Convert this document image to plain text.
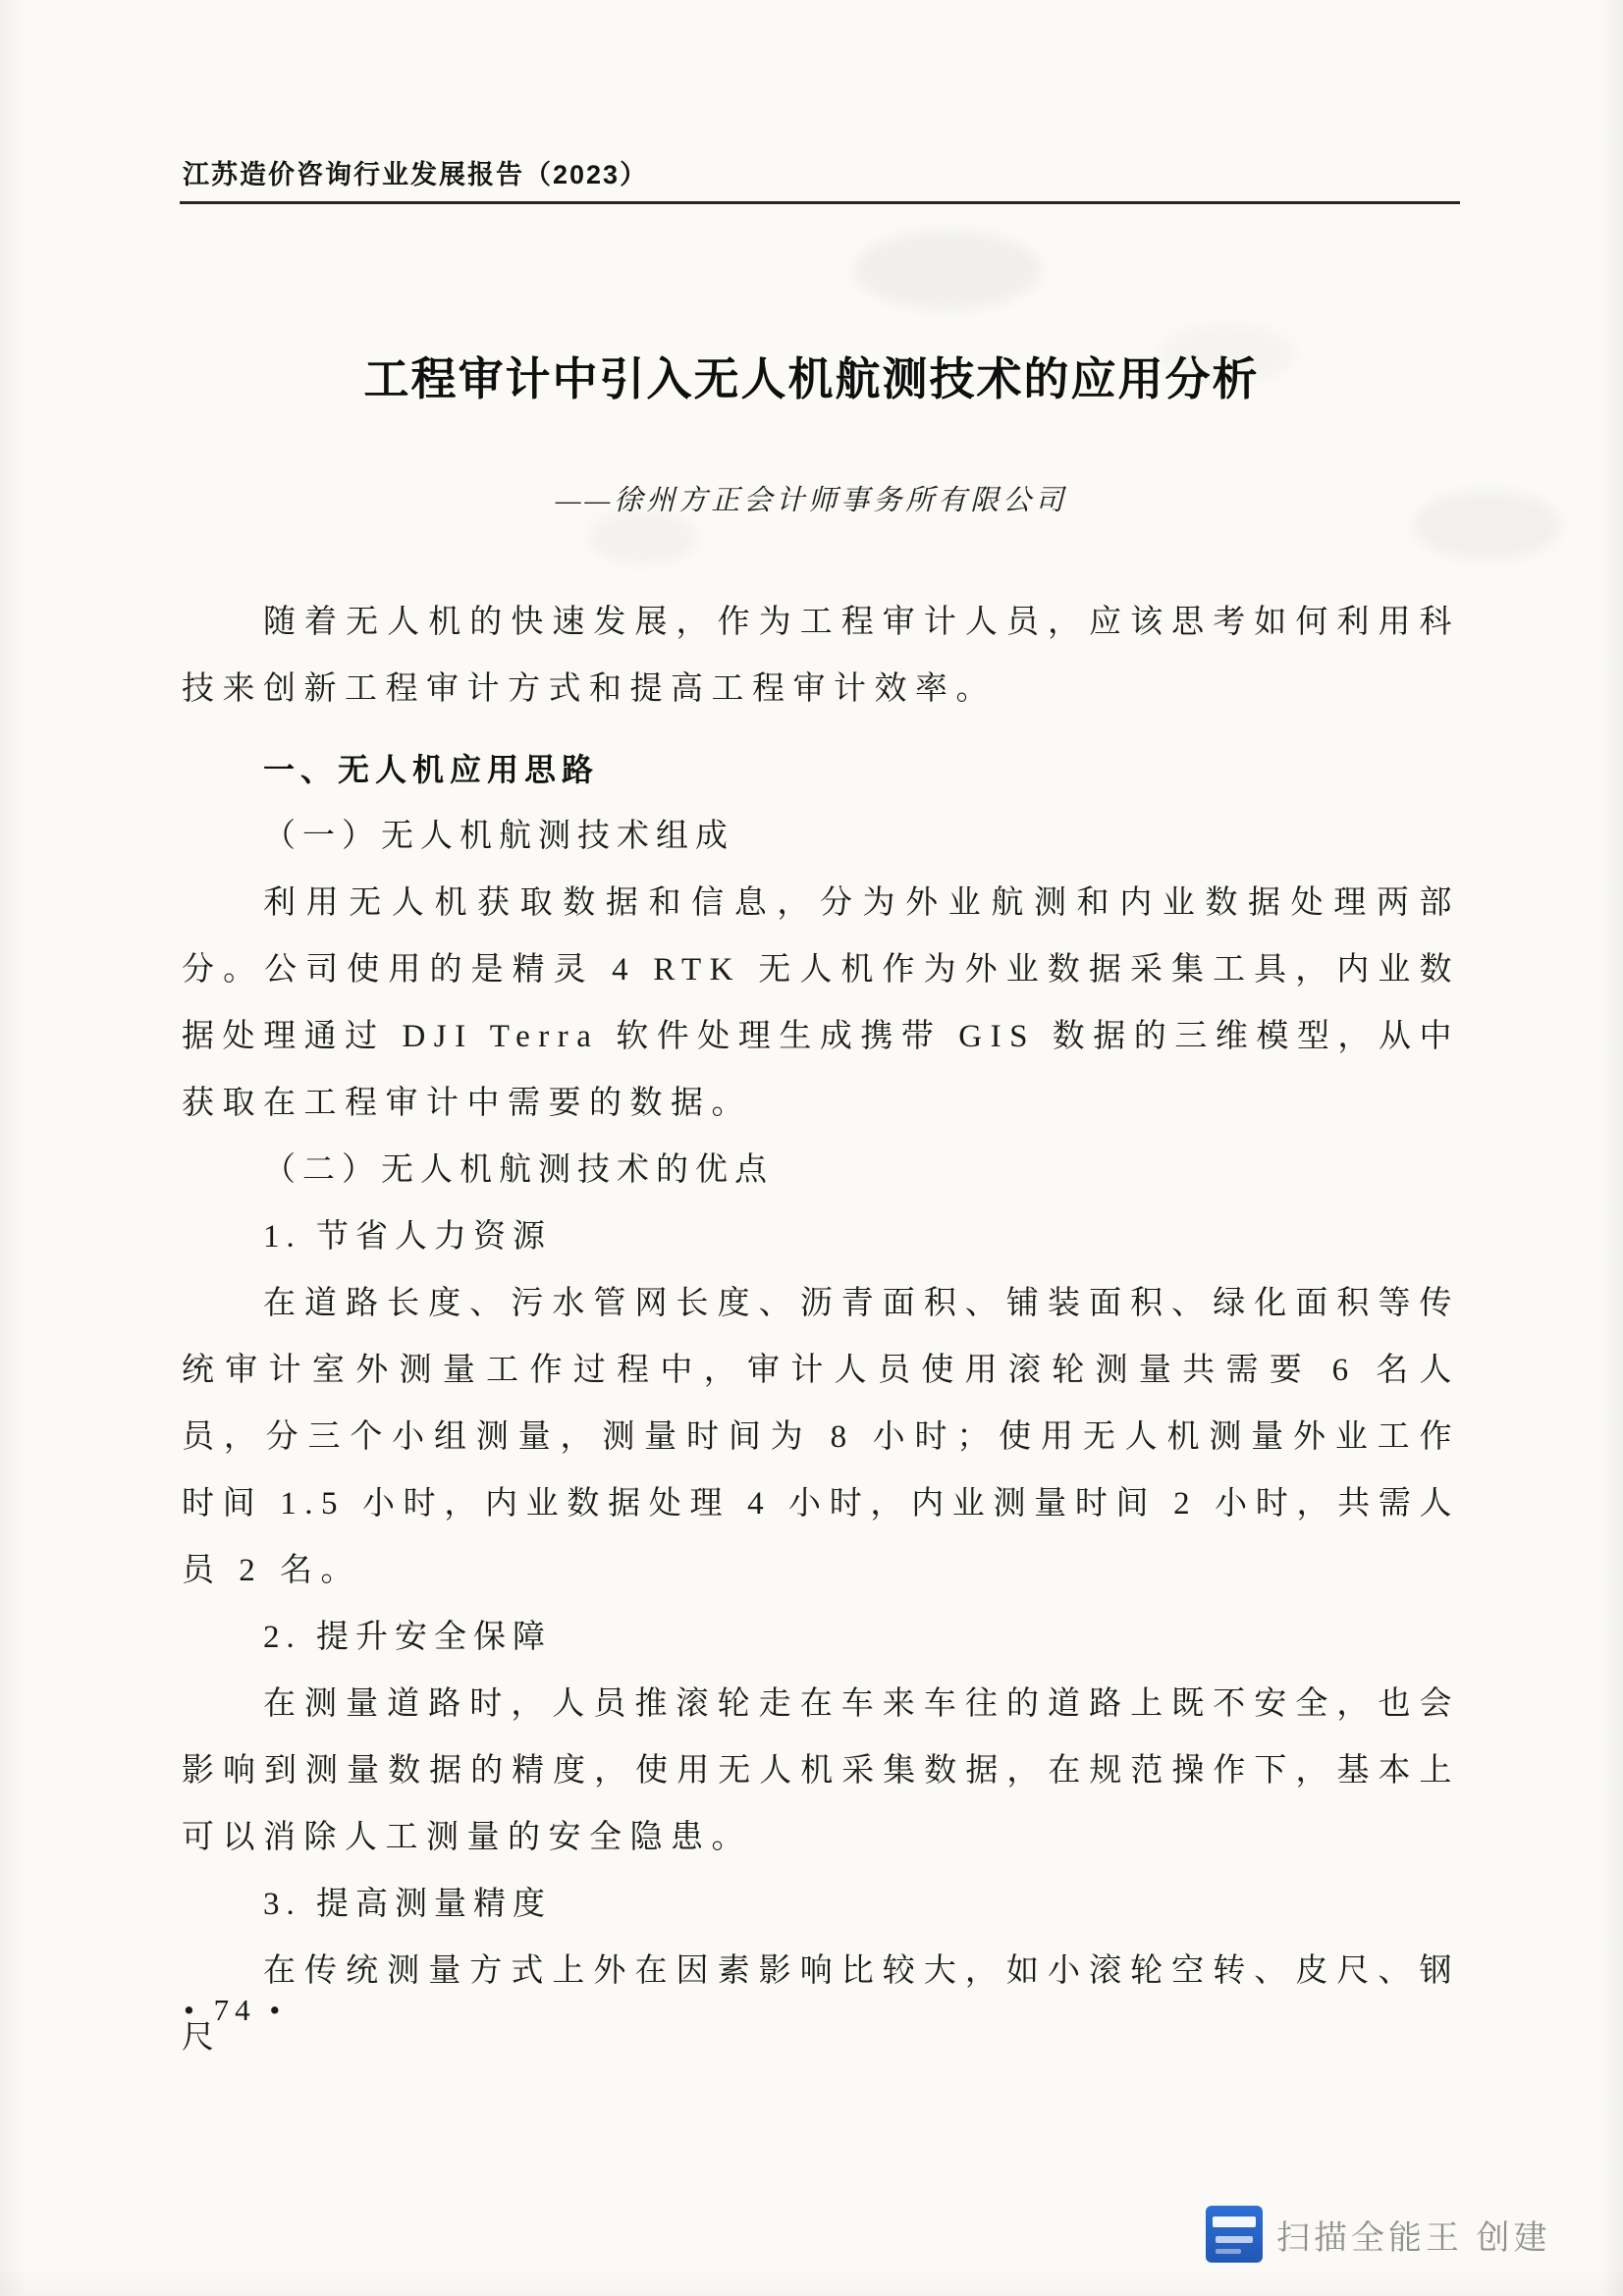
江苏造价咨询行业发展报告（2023）
工程审计中引入无人机航测技术的应用分析
——徐州方正会计师事务所有限公司

随着无人机的快速发展，作为工程审计人员，应该思考如何利用科技来创新工程审计方式和提高工程审计效率。

一、无人机应用思路
（一）无人机航测技术组成

利用无人机获取数据和信息，分为外业航测和内业数据处理两部分。公司使用的是精灵 4 RTK 无人机作为外业数据采集工具，内业数据处理通过 DJI Terra 软件处理生成携带 GIS 数据的三维模型，从中获取在工程审计中需要的数据。

（二）无人机航测技术的优点
1. 节省人力资源

在道路长度、污水管网长度、沥青面积、铺装面积、绿化面积等传统审计室外测量工作过程中，审计人员使用滚轮测量共需要 6 名人员，分三个小组测量，测量时间为 8 小时；使用无人机测量外业工作时间 1.5 小时，内业数据处理 4 小时，内业测量时间 2 小时，共需人员 2 名。

2. 提升安全保障

在测量道路时，人员推滚轮走在车来车往的道路上既不安全，也会影响到测量数据的精度，使用无人机采集数据，在规范操作下，基本上可以消除人工测量的安全隐患。

3. 提高测量精度

在传统测量方式上外在因素影响比较大，如小滚轮空转、皮尺、钢尺

• 74 •
扫描全能王 创建
